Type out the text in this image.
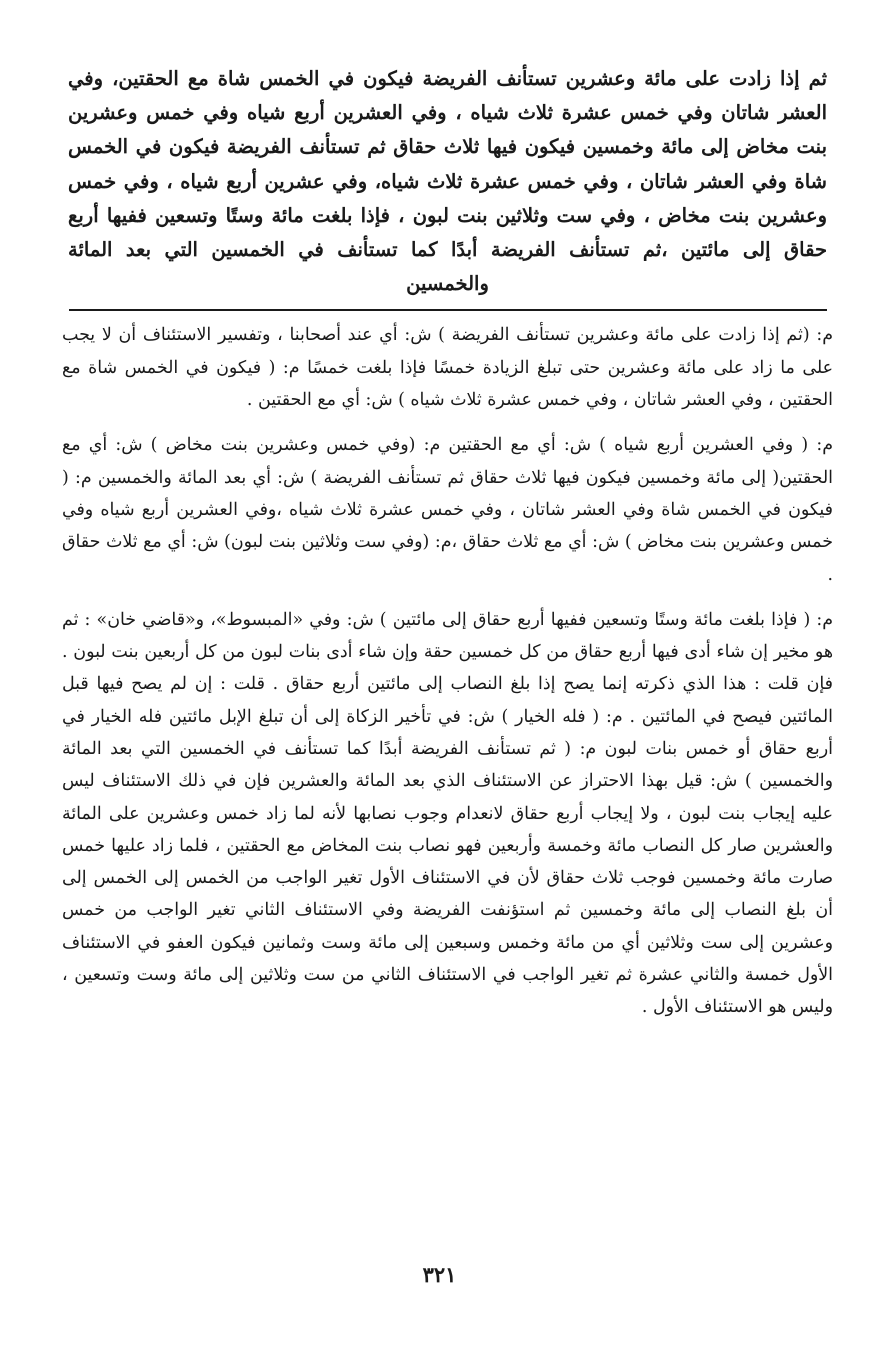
ثم إذا زادت على مائة وعشرين تستأنف الفريضة فيكون في الخمس شاة مع الحقتين، وفي العشر شاتان وفي خمس عشرة ثلاث شياه ، وفي العشرين أربع شياه وفي خمس وعشرين بنت مخاض إلى مائة وخمسين فيكون فيها ثلاث حقاق ثم تستأنف الفريضة فيكون في الخمس شاة وفي العشر شاتان ، وفي خمس عشرة ثلاث شياه، وفي عشرين أربع شياه ، وفي خمس وعشرين بنت مخاض ، وفي ست وثلاثين بنت لبون ، فإذا بلغت مائة وستًا وتسعين ففيها أربع حقاق إلى مائتين ،ثم تستأنف الفريضة أبدًا كما تستأنف في الخمسين التي بعد المائة والخمسين

م: (ثم إذا زادت على مائة وعشرين تستأنف الفريضة ) ش: أي عند أصحابنا ، وتفسير الاستئناف أن لا يجب على ما زاد على مائة وعشرين حتى تبلغ الزيادة خمسًا فإذا بلغت خمسًا م: ( فيكون في الخمس شاة مع الحقتين ، وفي العشر شاتان ، وفي خمس عشرة ثلاث شياه ) ش: أي مع الحقتين .

م: ( وفي العشرين أربع شياه ) ش: أي مع الحقتين م: (وفي خمس وعشرين بنت مخاض ) ش: أي مع الحقتين( إلى مائة وخمسين فيكون فيها ثلاث حقاق ثم تستأنف الفريضة ) ش: أي بعد المائة والخمسين م: ( فيكون في الخمس شاة وفي العشر شاتان ، وفي خمس عشرة ثلاث شياه ،وفي العشرين أربع شياه وفي خمس وعشرين بنت مخاض ) ش: أي مع ثلاث حقاق ،م: (وفي ست وثلاثين بنت لبون) ش: أي مع ثلاث حقاق .

م: ( فإذا بلغت مائة وستًا وتسعين ففيها أربع حقاق إلى مائتين ) ش: وفي «المبسوط»، و«قاضي خان» : ثم هو مخير إن شاء أدى فيها أربع حقاق من كل خمسين حقة وإن شاء أدى بنات لبون من كل أربعين بنت لبون . فإن قلت : هذا الذي ذكرته إنما يصح إذا بلغ النصاب إلى مائتين أربع حقاق . قلت : إن لم يصح فيها قبل المائتين فيصح في المائتين . م: ( فله الخيار ) ش: في تأخير الزكاة إلى أن تبلغ الإبل مائتين فله الخيار في أربع حقاق أو خمس بنات لبون م: ( ثم تستأنف الفريضة أبدًا كما تستأنف في الخمسين التي بعد المائة والخمسين ) ش: قيل بهذا الاحتراز عن الاستئناف الذي بعد المائة والعشرين فإن في ذلك الاستئناف ليس عليه إيجاب بنت لبون ، ولا إيجاب أربع حقاق لانعدام وجوب نصابها لأنه لما زاد خمس وعشرين على المائة والعشرين صار كل النصاب مائة وخمسة وأربعين فهو نصاب بنت المخاض مع الحقتين ، فلما زاد عليها خمس صارت مائة وخمسين فوجب ثلاث حقاق لأن في الاستئناف الأول تغير الواجب من الخمس إلى الخمس إلى أن بلغ النصاب إلى مائة وخمسين ثم استؤنفت الفريضة وفي الاستئناف الثاني تغير الواجب من خمس وعشرين إلى ست وثلاثين أي من مائة وخمس وسبعين إلى مائة وست وثمانين فيكون العفو في الاستئناف الأول خمسة والثاني عشرة ثم تغير الواجب في الاستئناف الثاني من ست وثلاثين إلى مائة وست وتسعين ، وليس هو الاستئناف الأول .

٣٢١
